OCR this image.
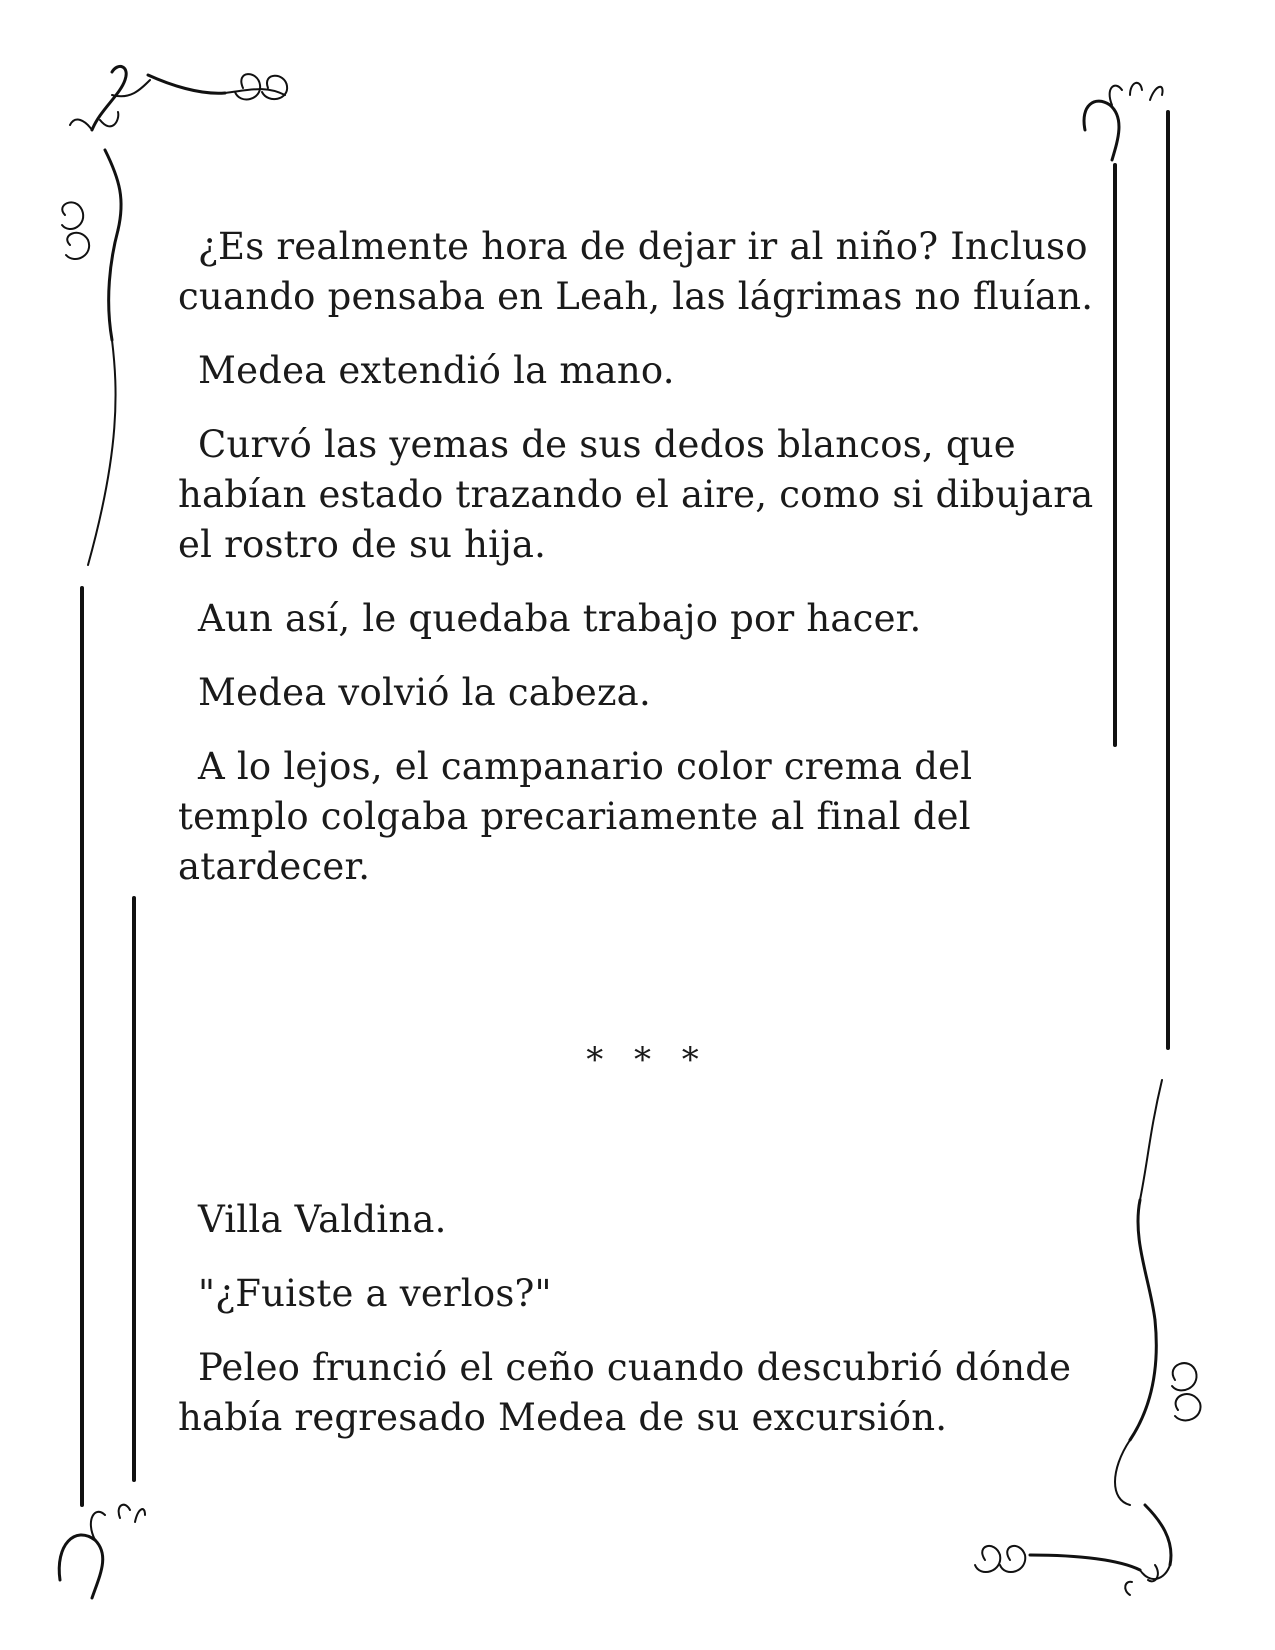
¿Es realmente hora de dejar ir al niño? Incluso cuando pensaba en Leah, las lágrimas no fluían.

Medea extendió la mano.

Curvó las yemas de sus dedos blancos, que habían estado trazando el aire, como si dibujara el rostro de su hija.

Aun así, le quedaba trabajo por hacer.

Medea volvió la cabeza.

A lo lejos, el campanario color crema del templo colgaba precariamente al final del atardecer.

* * *

Villa Valdina.

"¿Fuiste a verlos?"

Peleo frunció el ceño cuando descubrió dónde había regresado Medea de su excursión.
